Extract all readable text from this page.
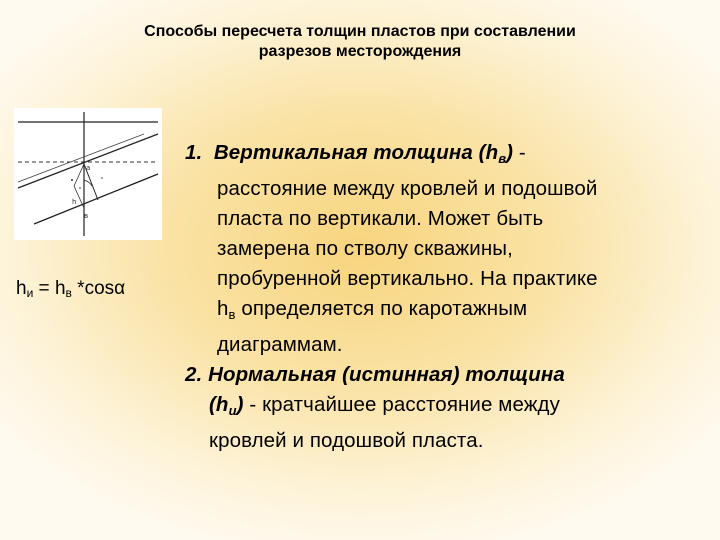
Способы пересчета толщин пластов при составлении
разрезов месторождения
a
h
в
$h_и = h_в$ *cosα
1. Вертикальная толщина $(h_в)$ -
расстояние между кровлей и подошвой
пласта по вертикали. Может быть
замерена по стволу скважины,
пробуренной вертикально. На практике
$h_в$ определяется по каротажным
диаграммам.
2. Нормальная (истинная) толщина
$(h_и)$ - кратчайшее расстояние между
кровлей и подошвой пласта.
